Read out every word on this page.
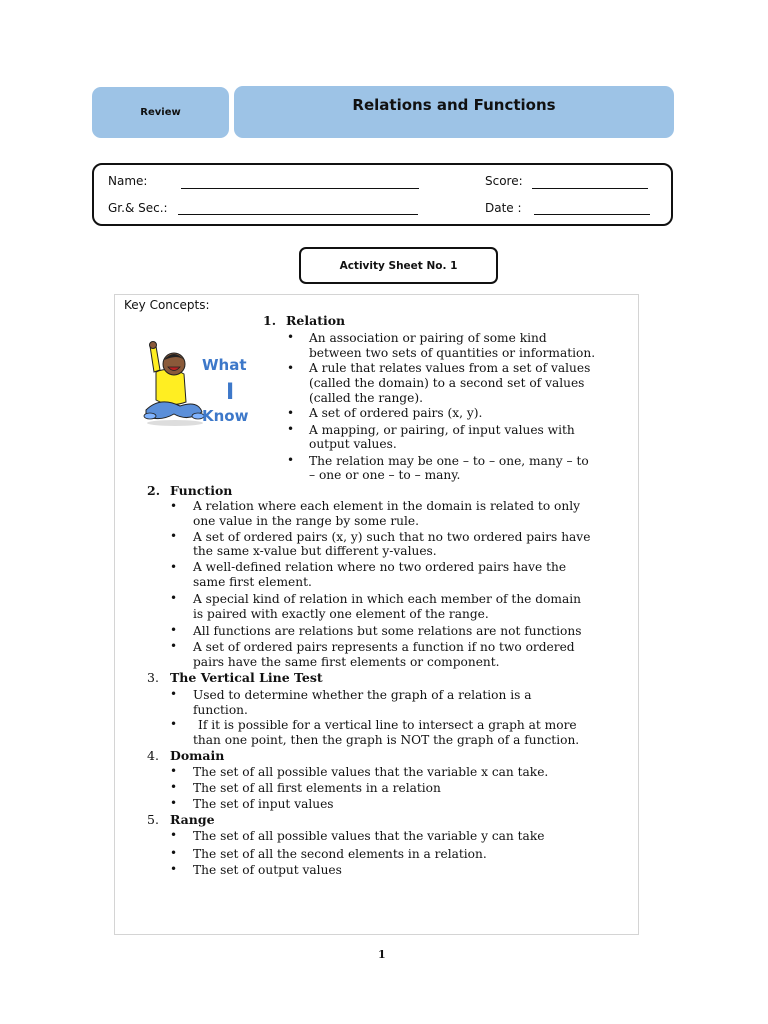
Review	Relations and Functions
Name:
Gr.& Sec.:
Score:
Date :
Activity Sheet No. 1
Key Concepts:
What
I
Know
1. Relation
• An association or pairing of some kind
between two sets of quantities or information.
• A rule that relates values from a set of values
(called the domain) to a second set of values
(called the range).
• A set of ordered pairs (x, y).
• A mapping, or pairing, of input values with
output values.
• The relation may be one – to – one, many – to
– one or one – to – many.
2. Function
• A relation where each element in the domain is related to only
one value in the range by some rule.
• A set of ordered pairs (x, y) such that no two ordered pairs have
the same x-value but different y-values.
• A well-defined relation where no two ordered pairs have the
same first element.
• A special kind of relation in which each member of the domain
is paired with exactly one element of the range.
• All functions are relations but some relations are not functions
• A set of ordered pairs represents a function if no two ordered
pairs have the same first elements or component.
3. The Vertical Line Test
• Used to determine whether the graph of a relation is a
function.
• If it is possible for a vertical line to intersect a graph at more
than one point, then the graph is NOT the graph of a function.
4. Domain
• The set of all possible values that the variable x can take.
• The set of all first elements in a relation
• The set of input values
5. Range
• The set of all possible values that the variable y can take
• The set of all the second elements in a relation.
• The set of output values
1
